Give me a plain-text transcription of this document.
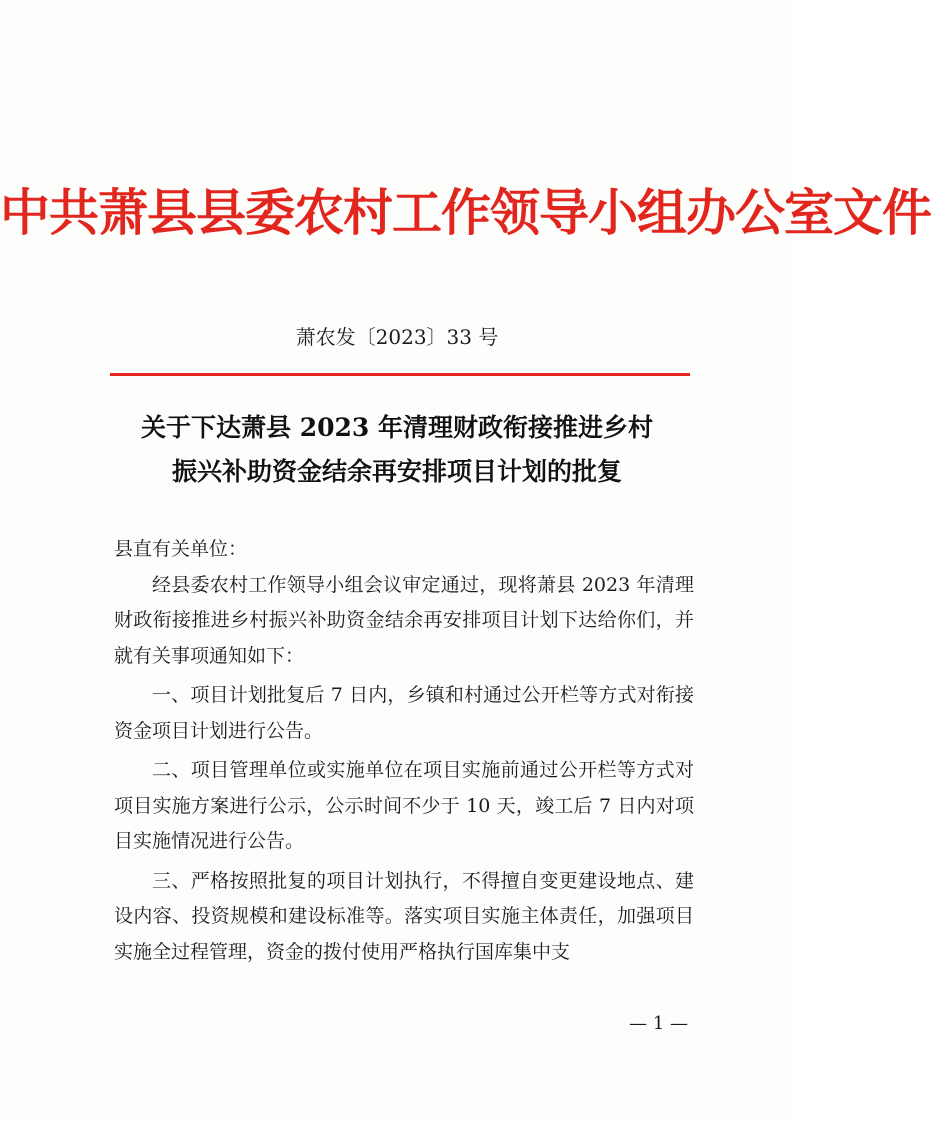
中共萧县县委农村工作领导小组办公室文件
萧农发〔2023〕33 号
关于下达萧县 2023 年清理财政衔接推进乡村
振兴补助资金结余再安排项目计划的批复

县直有关单位：

经县委农村工作领导小组会议审定通过，现将萧县 2023 年清理财政衔接推进乡村振兴补助资金结余再安排项目计划下达给你们，并就有关事项通知如下：

一、项目计划批复后 7 日内，乡镇和村通过公开栏等方式对衔接资金项目计划进行公告。

二、项目管理单位或实施单位在项目实施前通过公开栏等方式对项目实施方案进行公示，公示时间不少于 10 天，竣工后 7 日内对项目实施情况进行公告。

三、严格按照批复的项目计划执行，不得擅自变更建设地点、建设内容、投资规模和建设标准等。落实项目实施主体责任，加强项目实施全过程管理，资金的拨付使用严格执行国库集中支

— 1 —
